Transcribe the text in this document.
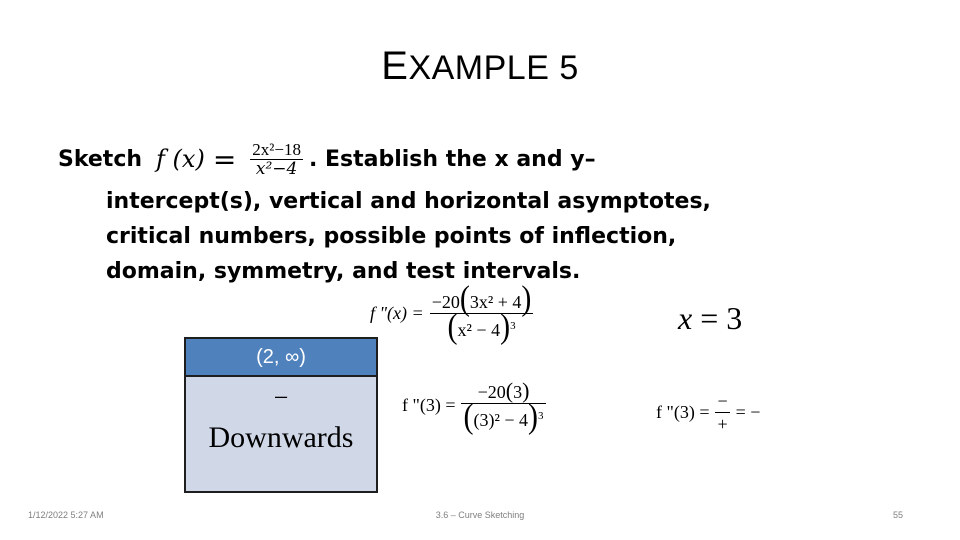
EXAMPLE 5
Sketch f $(x) = \frac{\text{2x²−18}}{\text{x²−4}}$ . Establish the x and y–
intercept(s), vertical and horizontal asymptotes,
critical numbers, possible points of inflection,
domain, symmetry, and test intervals.
f "$(x) = \frac{\text{−20(3x² + 4)}}{(x^2 - 4)^3}$	x = 3
(2, ∞)
−
Downwards
f "$(3) = \frac{-20(3)}{((3)^2 - 4)^3}$	f "$(3) = \frac{-}{+}$ = −
1/12/2022 5:27 AM	3.6 – Curve Sketching	55
